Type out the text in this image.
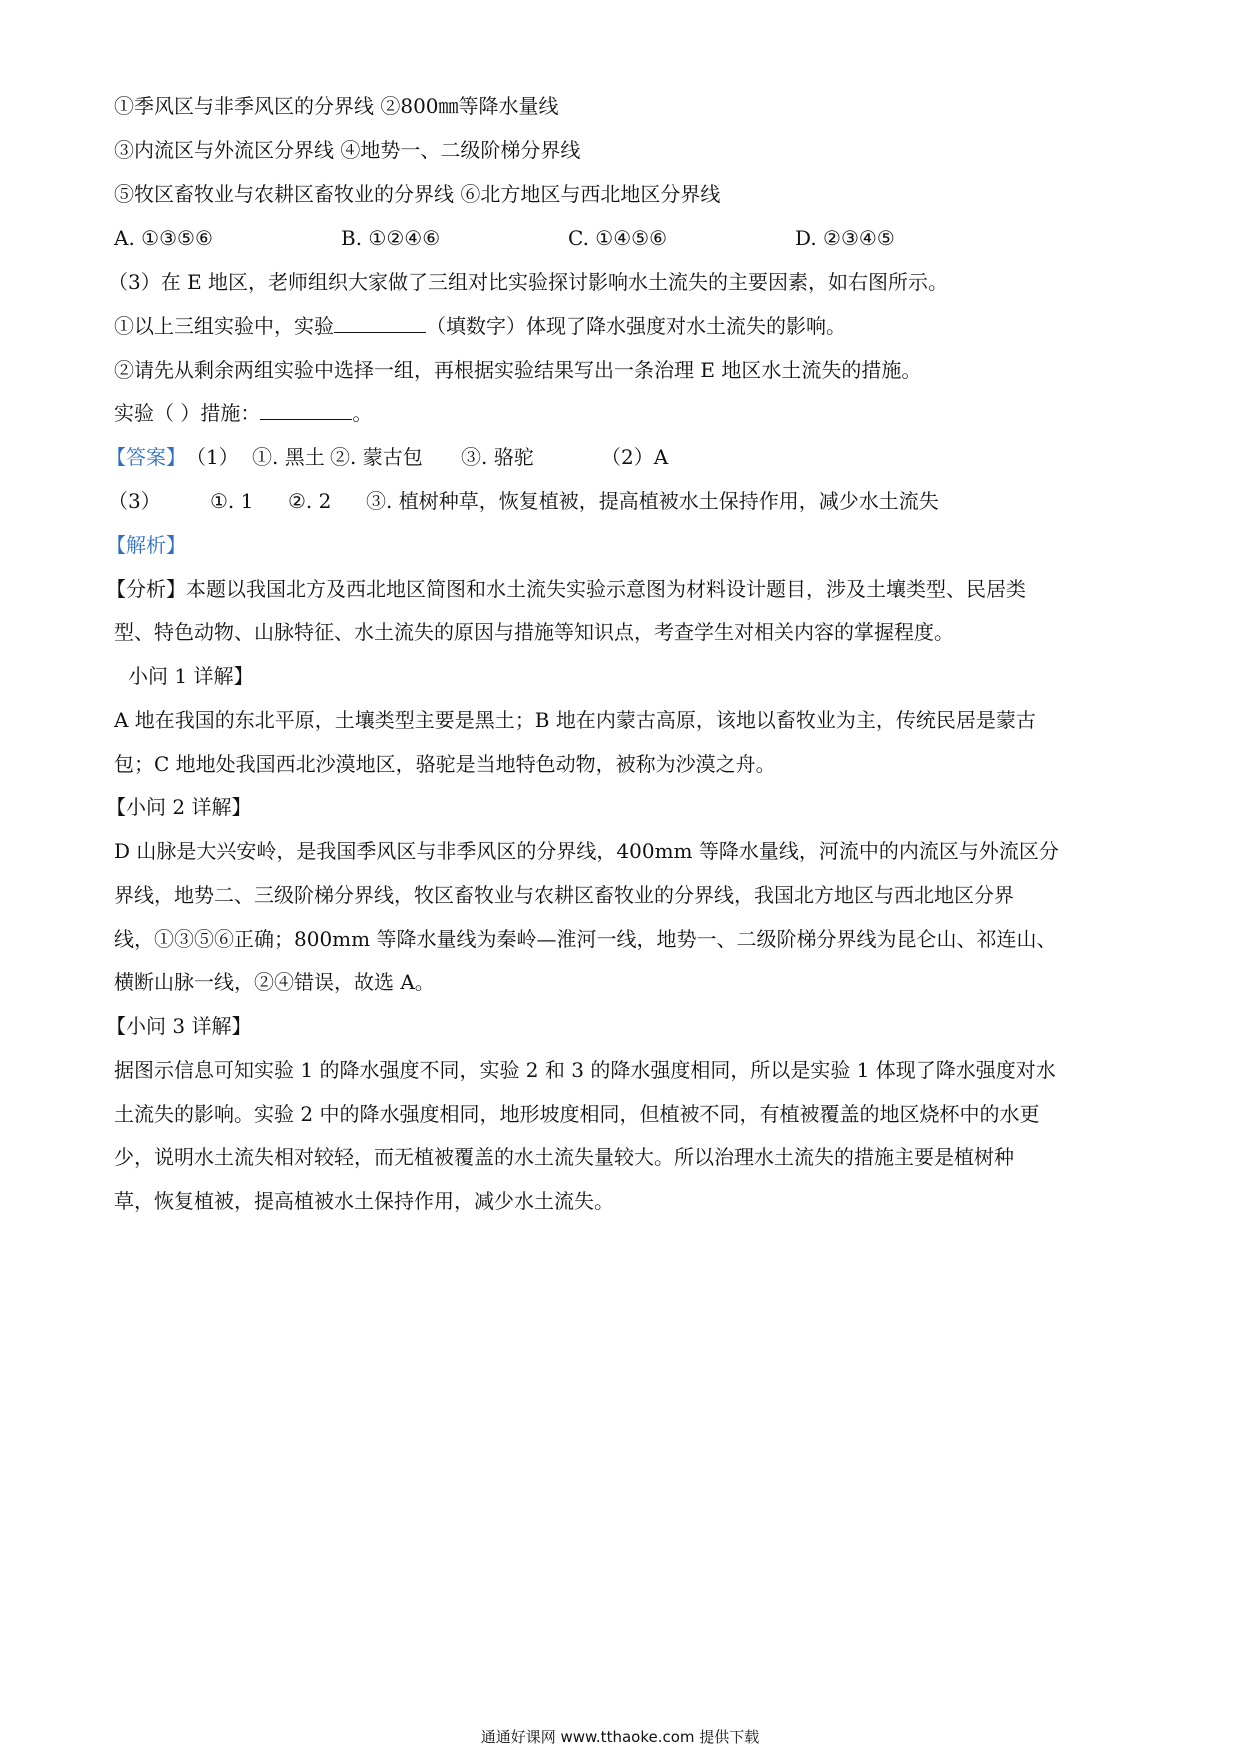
①季风区与非季风区的分界线 ②800㎜等降水量线
③内流区与外流区分界线 ④地势一、二级阶梯分界线
⑤牧区畜牧业与农耕区畜牧业的分界线 ⑥北方地区与西北地区分界线
A. ①③⑤⑥	B. ①②④⑥	C. ①④⑤⑥	D. ②③④⑤
（3）在 E 地区，老师组织大家做了三组对比实验探讨影响水土流失的主要因素，如右图所示。
①以上三组实验中，实验	（填数字）体现了降水强度对水土流失的影响。
②请先从剩余两组实验中选择一组，再根据实验结果写出一条治理 E 地区水土流失的措施。
实验（ ）措施：	。
【答案】（1） ①. 黑土 ②. 蒙古包 ③. 骆驼	（2）A
（3） ①. 1 ②. 2 ③. 植树种草，恢复植被，提高植被水土保持作用，减少水土流失
【解析】
【分析】本题以我国北方及西北地区简图和水土流失实验示意图为材料设计题目，涉及土壤类型、民居类
型、特色动物、山脉特征、水土流失的原因与措施等知识点，考查学生对相关内容的掌握程度。
小问 1 详解】
A 地在我国的东北平原，土壤类型主要是黑土；B 地在内蒙古高原，该地以畜牧业为主，传统民居是蒙古
包；C 地地处我国西北沙漠地区，骆驼是当地特色动物，被称为沙漠之舟。
【小问 2 详解】
D 山脉是大兴安岭，是我国季风区与非季风区的分界线，400mm 等降水量线，河流中的内流区与外流区分
界线，地势二、三级阶梯分界线，牧区畜牧业与农耕区畜牧业的分界线，我国北方地区与西北地区分界
线，①③⑤⑥正确；800mm 等降水量线为秦岭—淮河一线，地势一、二级阶梯分界线为昆仑山、祁连山、
横断山脉一线，②④错误，故选 A。
【小问 3 详解】
据图示信息可知实验 1 的降水强度不同，实验 2 和 3 的降水强度相同，所以是实验 1 体现了降水强度对水
土流失的影响。实验 2 中的降水强度相同，地形坡度相同，但植被不同，有植被覆盖的地区烧杯中的水更
少，说明水土流失相对较轻，而无植被覆盖的水土流失量较大。所以治理水土流失的措施主要是植树种
草，恢复植被，提高植被水土保持作用，减少水土流失。
通通好课网 www.tthaoke.com 提供下载
